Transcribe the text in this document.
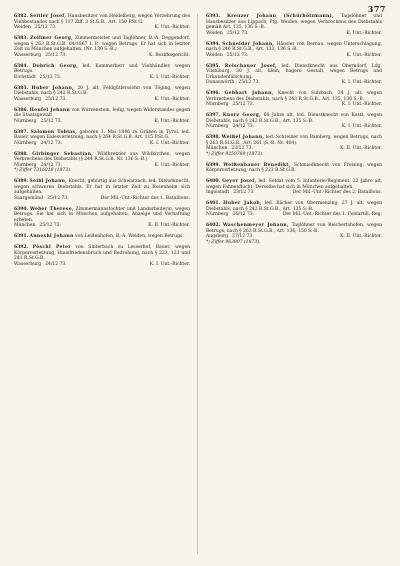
377

6382. Seitler Josef, Hausbesitzer von Heidelberg, wegen Verzehrung des Viehbestandes nach § 117 Ziff. 3 St.G.B., Art. 150 P.St.G.
Weiden 25/12 73.	K. Unt.-Richter.

6383. Zollmer Georg, Zimmermeister und Taglöhner, B.-A. Deggendorf, wegen § 263 R.St.G.B. 64/1867 I. P., wegen Betrugs. Er hat sich in letzter Zeit zu München aufgehalten. (Nr. 130 S.-B.)
Wasserburg 25/12 73.	K. Bezirksgericht.

6384. Dobrich Georg, led. Kammerherr und Viehhändler, wegen Betrugs.
Eichstädt 25/12 73.	K. I. Unt.-Richter.

6385. Huber Johann, 20 J. alt, Feldgütlerssohn von Töging, wegen Diebstahls, nach § 242 R.St.G.B.
Wasserburg 25/12 73.	K. Unt.-Richter.

6386. Houfel Johann von Wurzenstein, ledig, wegen Widerstandes gegen die Staatsgewalt.
Nürnberg 25/12 73.	K. Unt.-Richter.

6387. Salomon Tobias, geboren 1. Mai 1846 zu Gräben in Tyrol, led. Bauer, wegen Eidesverletzung, nach § 264 R.St.G.B. Art. 115 P.St.G.
Nürnberg 24/12 73.	K. I. Unt.-Richter.

6388. Girbinger Sebastian, Wildbretzier aus Wildkirchen, wegen Verbrechens des Diebstahls (§ 244 R.St.G.B. Nr. 136 S.-B.)
Nürnberg 24/12 73.	K. Unt.-Richter.
*) Ziffer 7316018 (1873).

6389. Seibl Johann, Knecht, gebürtig aus Schwarzach, led. Dienstknecht, wegen schweren Diebstahls. Er hat in letzter Zeit zu Rosenheim sich aufgehalten.
Saargemünd 25/12 73.	Der Mil.-Unt.-Richter des 1. Bataillons.

6390. Weber Therese, Zimmermannstochter und Landarbeiterin, wegen Betrugs. Sie hat sich in München aufgehalten, Anzeige und Verhaftung erbeten.
München 25/12 73.	K. II. Unt.-Richter.

6391. Anneshl Johann von Leidenhofen, B.-A. Weiden, wegen Betrugs.

6392. Pöschl Peter von Sinterbach zu Lesserhof, Bauer, wegen Körperverletzung, Hausfriedensbruch und Bedrohung, nach § 223, 123 und 241 R.St.G.B.
Wasserburg 24/12 73.	K. I. Unt.-Richter.

6393. Kreuzer Johann (Schürhölzmann), Tagelöhner und Hausbesitzer aus Lippach, Pfg. Weiden, wegen Verbrechens des Diebstahls gemäß Art. 135, 136 S.-B.
Weiden 25/12 73.	K. Unt.-Richter.

6394. Schneider Johann, Häusler von Bernau, wegen Unterschlagung, nach § 246 R.St.G.B., Art. 133, 136 S.-B.
Weiden 25/12 73.	K. Unt.-Richter.

6395. Reischauer Josef, led. Dienstknecht aus Oberndorf, Ldg. Vilsbiburg, 30 J. alt, klein, hagere Gestalt, wegen Betrugs und Urkundenfälschung.
Donauwörth 25/12 73.	K. I. Unt.-Richter.

6396. Gebhart Johann, Knecht von Sulzbach, 24 J. alt, wegen Verbrechens des Diebstahls, nach § 243 R.St.G.B., Art. 135, 136 S.-B.
Nürnberg 25/12 73.	K. I. Unt.-Richter.

6397. Knorz Georg, 60 Jahre alt, led. Dienstknecht von Kastl, wegen Diebstahls, nach § 242 R.St.G.B., Art. 135 S.-B.
Nürnberg 24/12 73.	K. I. Unt.-Richter.

6398. Weißel Johann, led. Schreiner von Bamberg, wegen Betrugs, nach § 263 R.St.G.B., Art. 261 (S.-B. Nr. 464).
München 23/12 73.	K. II. Unt.-Richter.
*) Ziffer 9259789 (1873).

6399. Weißenbauer Benedikt, Schmiedknecht von Freising, wegen Körperverletzung, nach § 223 R.St.G.B.

6400. Geyer Josef, led. Soldat vom 5. Infanterie-Regiment, 22 Jahre alt, wegen Fahnenflucht. Derselbe hat sich in München aufgehalten.
Ingolstadt 23/12 73.	Der Mil.-Unt.-Richter des 2. Bataillons.

6401. Huber Jakob, led. Bäcker von Obermenzing, 27 J. alt, wegen Diebstahls, nach § 242 R.St.G.B., Art. 135 S.-B.
Nürnberg 26/12 73.	Der Mil.-Unt.-Richter des 1. Feldartill.-Reg.

6402. Waschenmeyer Johann, Taglöhner von Reichertshofen, wegen Betrugs, nach § 263 R.St.G.B., Art. 136, 150 S.-B.
Augsburg 27/12 73.	K. II. Unt.-Richter.
*) Ziffer 963807 (1873).
